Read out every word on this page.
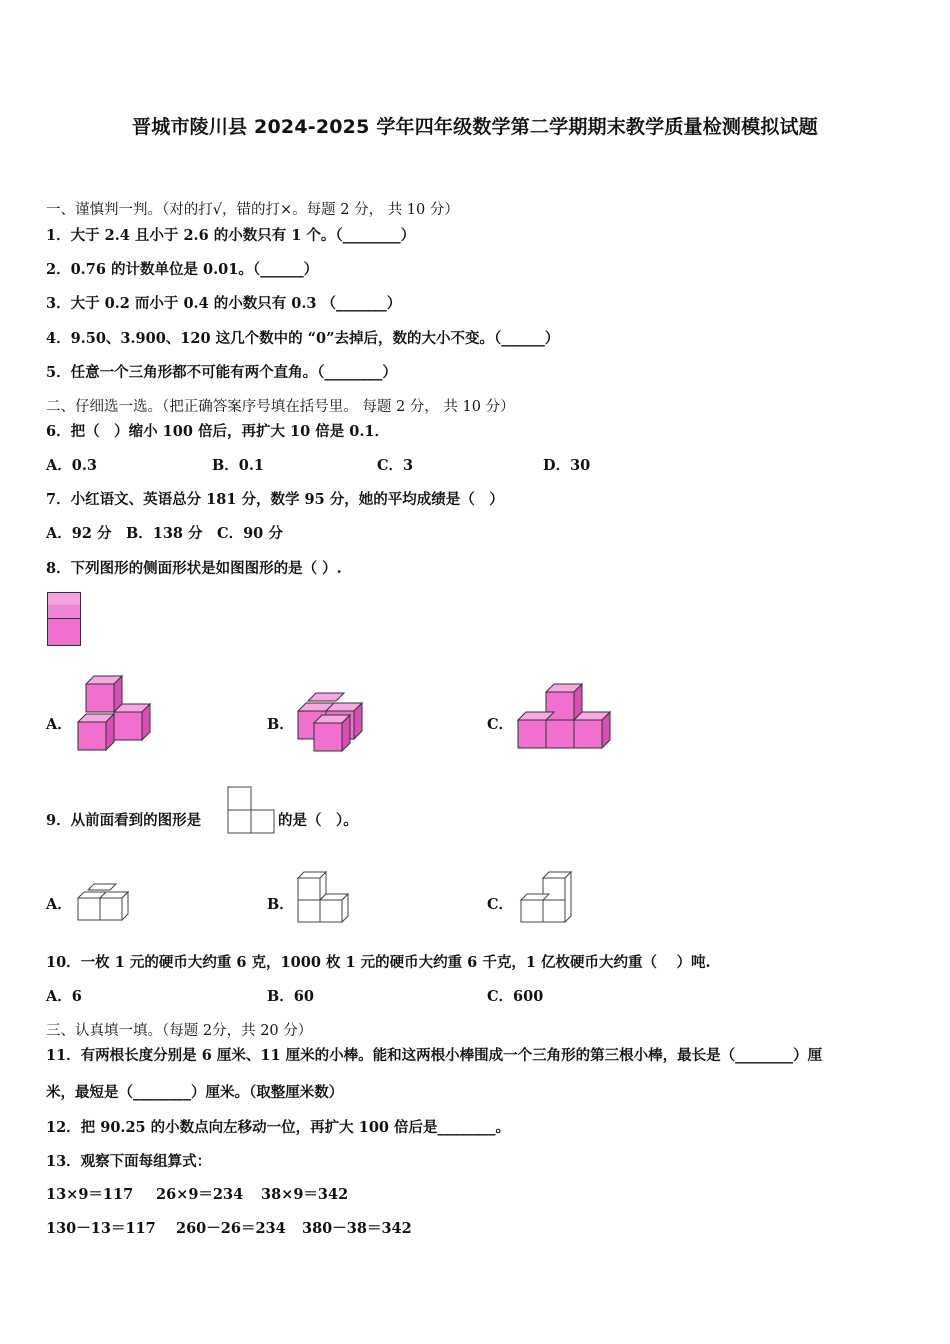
晋城市陵川县 2024-2025 学年四年级数学第二学期期末教学质量检测模拟试题
一、谨慎判一判。（对的打√，错的打×。每题 2 分， 共 10 分）
1．大于 2.4 且小于 2.6 的小数只有 1 个。（________）
2．0.76 的计数单位是 0.01。（______）
3．大于 0.2 而小于 0.4 的小数只有 0.3 （_______）
4．9.50、3.900、120 这几个数中的 “0”去掉后，数的大小不变。（______）
5．任意一个三角形都不可能有两个直角。（________）
二、仔细选一选。（把正确答案序号填在括号里。 每题 2 分， 共 10 分）
6．把（　）缩小 100 倍后，再扩大 10 倍是 0.1．
A．0.3	B．0.1	C．3	D．30
7．小红语文、英语总分 181 分，数学 95 分，她的平均成绩是（　）
A．92 分　B．138 分　C．90 分
8．下列图形的侧面形状是如图图形的是（ ）.
A．	B．	C．
9．从前面看到的图形是	的是（　）。
A．	B．	C．
10．一枚 1 元的硬币大约重 6 克，1000 枚 1 元的硬币大约重 6 千克，1 亿枚硬币大约重（　 ）吨.
A．6	B．60	C．600
三、认真填一填。（每题 2分，共 20 分）
11．有两根长度分别是 6 厘米、11 厘米的小棒。能和这两根小棒围成一个三角形的第三根小棒，最长是（________）厘
米，最短是（________）厘米。（取整厘米数）
12．把 90.25 的小数点向左移动一位，再扩大 100 倍后是________。
13．观察下面每组算式：
13×9＝117 26×9＝234 38×9＝342
130－13＝117 260－26＝234 380－38＝342
